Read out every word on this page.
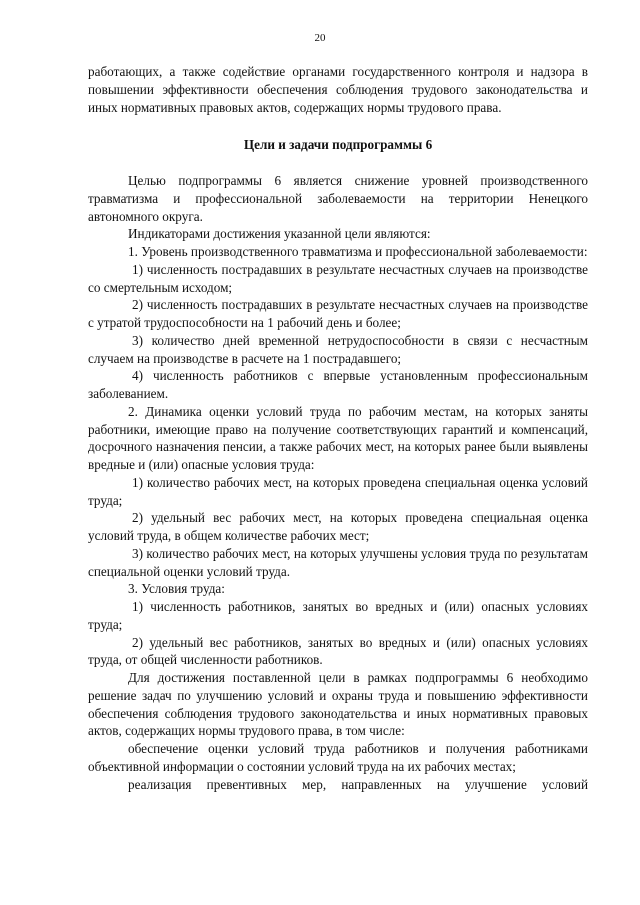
20

работающих, а также содействие органами государственного контроля и надзора в повышении эффективности обеспечения соблюдения трудового законодательства и иных нормативных правовых актов, содержащих нормы трудового права.

Цели и задачи подпрограммы 6

Целью подпрограммы 6 является снижение уровней производственного травматизма и профессиональной заболеваемости на территории Ненецкого автономного округа.

Индикаторами достижения указанной цели являются:

1. Уровень производственного травматизма и профессиональной заболеваемости:

1) численность пострадавших в результате несчастных случаев на производстве со смертельным исходом;

2) численность пострадавших в результате несчастных случаев на производстве с утратой трудоспособности на 1 рабочий день и более;

3) количество дней временной нетрудоспособности в связи с несчастным случаем на производстве в расчете на 1 пострадавшего;

4) численность работников с впервые установленным профессиональным заболеванием.

2. Динамика оценки условий труда по рабочим местам, на которых заняты работники, имеющие право на получение соответствующих гарантий и компенсаций, досрочного назначения пенсии, а также рабочих мест, на которых ранее были выявлены вредные и (или) опасные условия труда:

1) количество рабочих мест, на которых проведена специальная оценка условий труда;

2) удельный вес рабочих мест, на которых проведена специальная оценка условий труда, в общем количестве рабочих мест;

3) количество рабочих мест, на которых улучшены условия труда по результатам специальной оценки условий труда.

3. Условия труда:

1) численность работников, занятых во вредных и (или) опасных условиях труда;

2) удельный вес работников, занятых во вредных и (или) опасных условиях труда, от общей численности работников.

Для достижения поставленной цели в рамках подпрограммы 6 необходимо решение задач по улучшению условий и охраны труда и повышению эффективности обеспечения соблюдения трудового законодательства и иных нормативных правовых актов, содержащих нормы трудового права, в том числе:

обеспечение оценки условий труда работников и получения работниками объективной информации о состоянии условий труда на их рабочих местах;

реализация превентивных мер, направленных на улучшение условий
